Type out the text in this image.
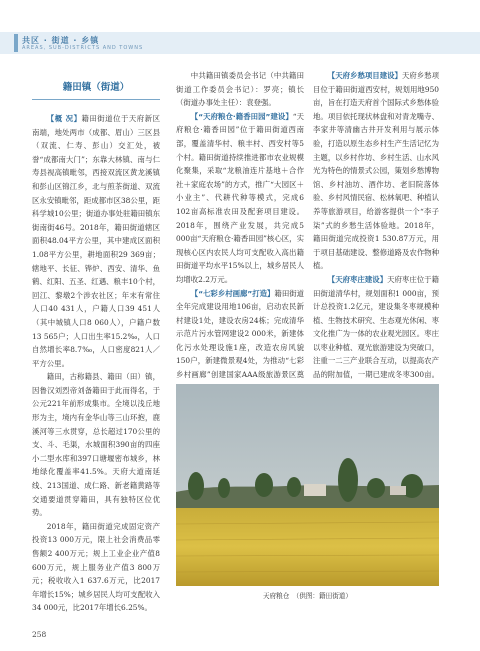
共区 · 街道 · 乡镇
AREAS, SUB-DISTRICTS AND TOWNS
籍田镇（街道）

【概 况】籍田街道位于天府新区南端，地处两市（成都、眉山）三区县（双流、仁寿、彭山）交汇处，被誉“成都南大门”；东靠大林镇、南与仁寿县视高镇毗邻，西接双流区黄龙溪镇和彭山区锦江乡，北与煎茶街道、双流区永安镇毗邻，距成都市区38公里，距科学城10公里；街道办事处驻籍田镇东街南街46号。2018年，籍田街道辖区面积48.04平方公里，其中建成区面积1.08平方公里，耕地面积29 369亩；辖地平、长征、铧炉、西安、清华、鱼鹤、红阳、五圣、红遇、粮丰10个村，回江、黎墩2个涉农社区；年末有常住人口40 431人，户籍人口39 451人（其中城镇人口8 060人），户籍户数13 565户；人口出生率15.2‰，人口自然增长率8.7‰，人口密度821人／平方公里。

籍田，古称籍县、籍田（田）镇，因鲁汉刘烈帝刘备籍田于此而得名，于公元221年前形成集市。全境以浅丘地形为主，境内有金华山等三山环抱，鹿溪河等三水贯穿，总长超过170公里的支、斗、毛渠，水城面积390亩的四座小二型水库和397口塘堰密布城乡，林地绿化覆盖率41.5%。天府大道南延线、213国道、成仁路、新老籍黄路等交通要道贯穿籍田，具有独特区位优势。

2018年，籍田街道完成固定资产投资13 000万元，限上社会消费品零售额2 400万元；规上工业企业产值8 600万元，规上服务业产值3 800万元；税收收入1 637.6万元，比2017年增长15%；城乡居民人均可支配收入34 000元，比2017年增长6.25%。

中共籍田镇委员会书记（中共籍田街道工作委员会书记）：罗亮；镇长（街道办事处主任）：袁登强。

【“天府粮仓·籍香田园”建设】“天府粮仓·籍香田园”位于籍田街道西南部，覆盖清华村、粮丰村、西安村等5个村。籍田街道持续推进都市农业规模化聚集，采取“龙粮油连片基地＋合作社＋家庭农场”的方式，推广“大园区＋小业主”、代耕代种等模式，完成6 102亩高标准农田及配套项目建设。2018年，围绕产业发展，共完成5 000亩“天府粮仓·籍香田园”核心区，实现核心区内农民人均可支配收入高出籍田街道平均水平15%以上，城乡居民人均增收2.2万元。

【“七彩乡村画廊”打造】籍田街道全年完成建设用地106亩，启动农民新村建设1处，建设农房24栋；完成清华示范片污水管网建设2 000米，新建体化污水处理设施1座，改造农房风貌150户，新建微景观4处，为推动“七彩乡村画廊”创建国家AAA级旅游景区奠

【天府乡愁项目建设】天府乡愁项目位于籍田街道西安村，规划用地950亩，旨在打造天府首个国际式乡愁体验地。项目依托现状林盘和对青龙嘴寺、李家井等清幽古井开发利用与展示体验，打造以原生态乡村生产生活记忆为主题，以乡村作坊、乡村生活、山水风光为特色的情景式公园，策划乡愁博物馆、乡村油坊、酒作坊、老旧院落体验、乡村风情民宿、松林氧吧、种植认养等旅游项目，给游客提供一个“李子柒”式的乡愁生活体验地。2018年，籍田街道完成投资1 530.87万元，用于项目基础建设、整修道路及农作物种植。

【天府枣庄建设】天府枣庄位于籍田街道清华村，规划面积1 000亩，预计总投资1.2亿元，建设集冬枣规模种植、生物技术研究、生态观光休闲、枣文化推广为一体的农业观光园区。枣庄以枣业种植、观光旅游建设为突破口，注重一二三产业联合互动，以提高农产品的附加值，一期已建成冬枣300亩。

天府粮仓　（供图：籍田街道）
258
